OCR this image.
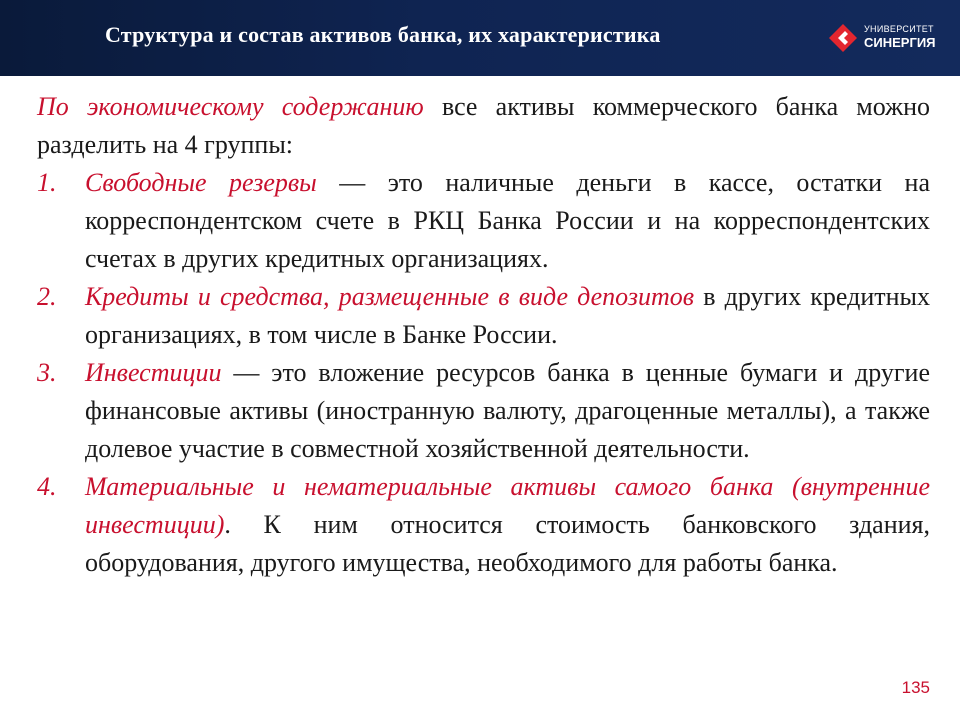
Структура и состав активов банка, их характеристика	УНИВЕРСИТЕТ
СИНЕРГИЯ

По экономическому содержанию все активы коммерческого банка можно разделить на 4 группы:

1. Свободные резервы — это наличные деньги в кассе, остатки на корреспондентском счете в РКЦ Банка России и на корреспондентских счетах в других кредитных организациях.
2. Кредиты и средства, размещенные в виде депозитов в других кредитных организациях, в том числе в Банке России.
3. Инвестиции — это вложение ресурсов банка в ценные бумаги и другие финансовые активы (иностранную валюту, драгоценные металлы), а также долевое участие в совместной хозяйственной деятельности.
4. Материальные и нематериальные активы самого банка (внутренние инвестиции). К ним относится стоимость банковского здания, оборудования, другого имущества, необходимого для работы банка.
135
